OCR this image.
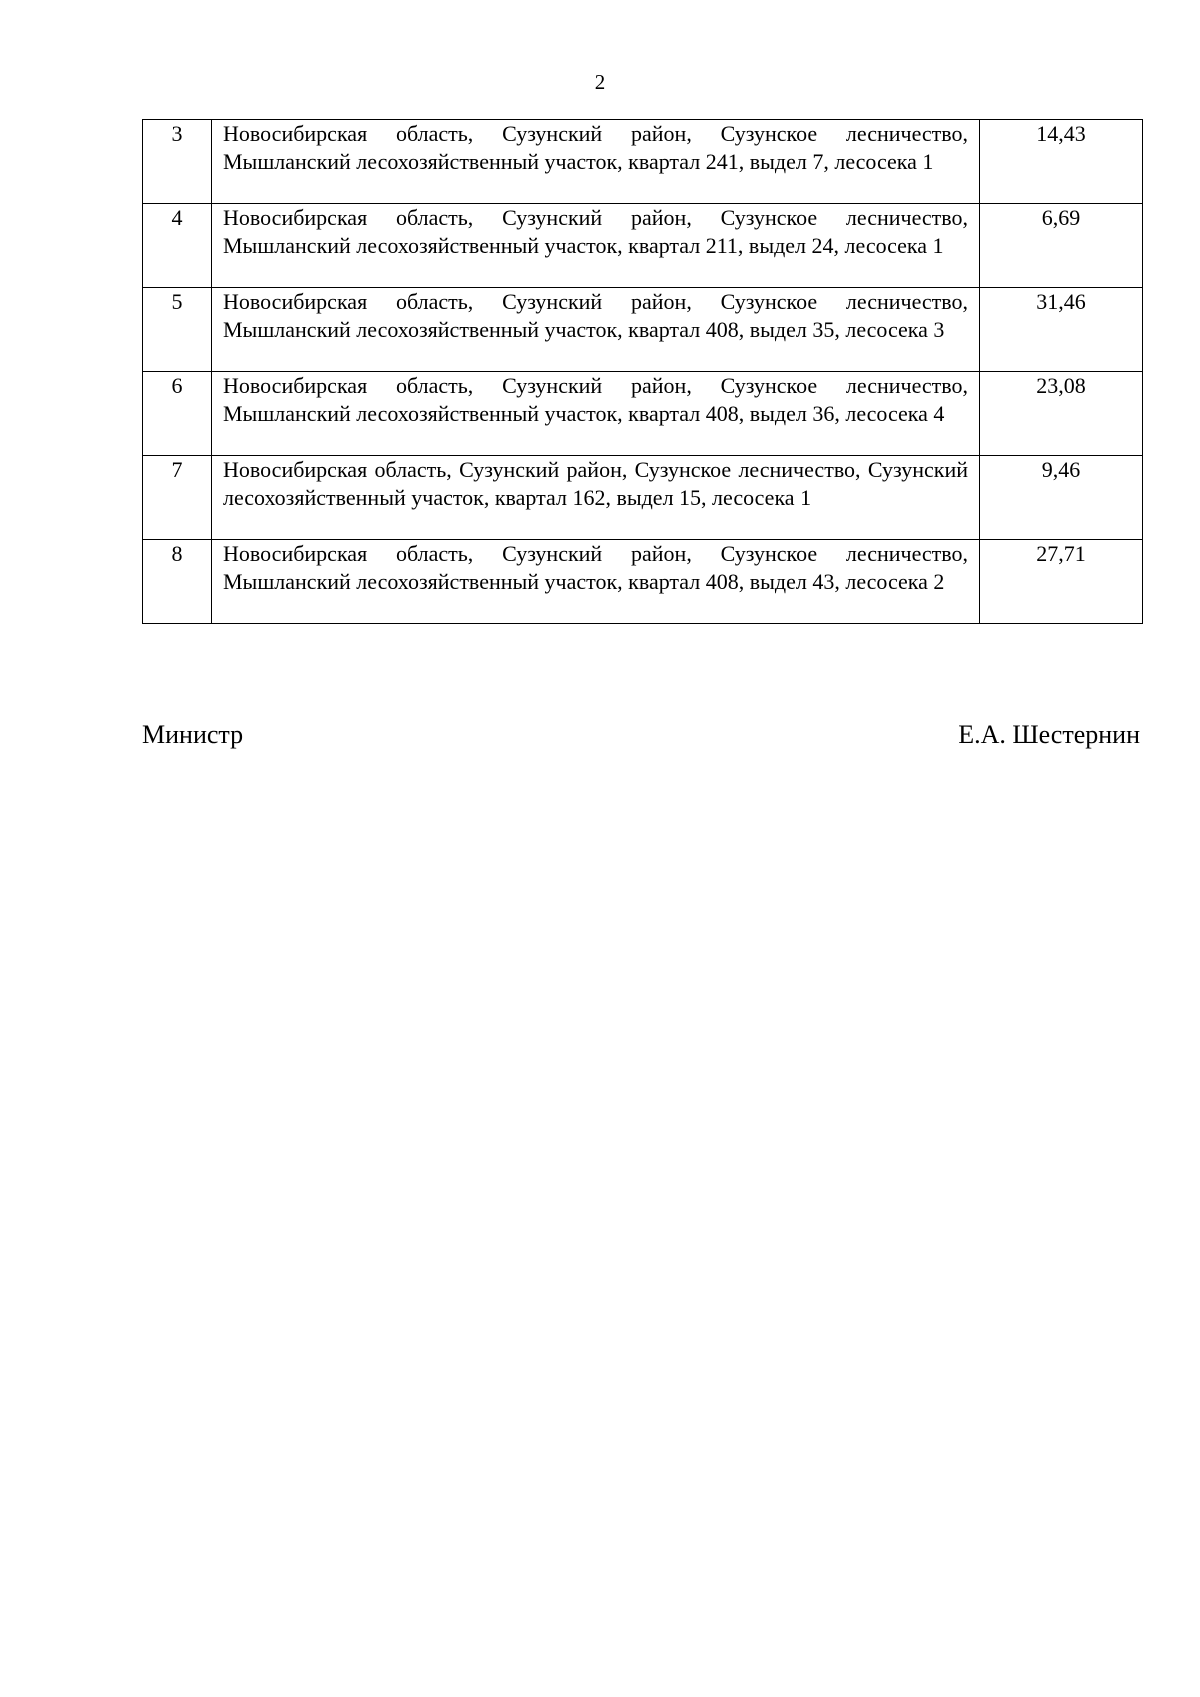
2
3	Новосибирская область, Сузунский район, Сузунское лесничество, Мышланский лесохозяйственный участок, квартал 241, выдел 7, лесосека 1	14,43
4	Новосибирская область, Сузунский район, Сузунское лесничество, Мышланский лесохозяйственный участок, квартал 211, выдел 24, лесосека 1	6,69
5	Новосибирская область, Сузунский район, Сузунское лесничество, Мышланский лесохозяйственный участок, квартал 408, выдел 35, лесосека 3	31,46
6	Новосибирская область, Сузунский район, Сузунское лесничество, Мышланский лесохозяйственный участок, квартал 408, выдел 36, лесосека 4	23,08
7	Новосибирская область, Сузунский район, Сузунское лесничество, Сузунский лесохозяйственный участок, квартал 162, выдел 15, лесосека 1	9,46
8	Новосибирская область, Сузунский район, Сузунское лесничество, Мышланский лесохозяйственный участок, квартал 408, выдел 43, лесосека 2	27,71
Министр	Е.А. Шестернин
